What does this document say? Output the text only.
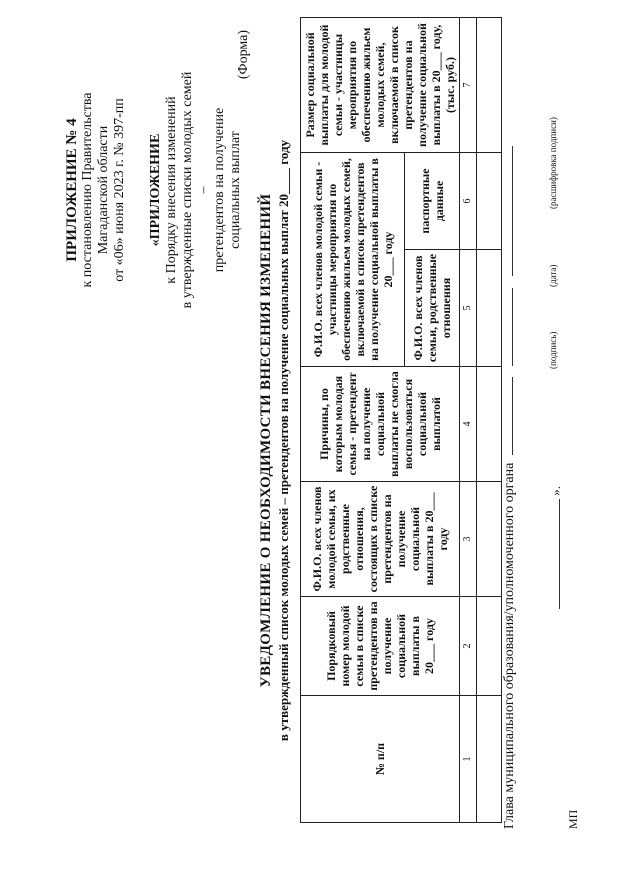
ПРИЛОЖЕНИЕ № 4 к постановлению Правительства Магаданской области от «06» июня 2023 г. № 397-пп «ПРИЛОЖЕНИЕ к Порядку внесения изменений в утвержденные списки молодых семей – претендентов на получение социальных выплат
(Форма)
УВЕДОМЛЕНИЕ О НЕОБХОДИМОСТИ ВНЕСЕНИЯ ИЗМЕНЕНИЙ в утвержденный список молодых семей – претендентов на получение социальных выплат 20____ году
№ п/п	Порядковый номер молодой семьи в списке претендентов на получение социальной выплаты в 20___ году	Ф.И.О. всех членов молодой семьи, их родственные отношения, состоящих в списке претендентов на получение социальной выплаты в 20___ году	Причины, по которым молодая семья - претендент на получение социальной выплаты не смогла воспользоваться социальной выплатой	Ф.И.О. всех членов молодой семьи - участницы мероприятия по обеспечению жильем молодых семей, включаемой в список претендентов на получение социальной выплаты в 20___ году		Размер социальной выплаты для молодой семьи - участницы мероприятия по обеспечению жильем молодых семей, включаемой в список претендентов на получение социальной выплаты в 20___ году, (тыс. руб.)
				Ф.И.О. всех членов семьи, родственные отношения	паспортные данные	
1	2	3	4	5	6	7

Глава муниципального образования/уполномоченного органа
(подпись)
(дата)
(расшифровка подписи)
».
МП
